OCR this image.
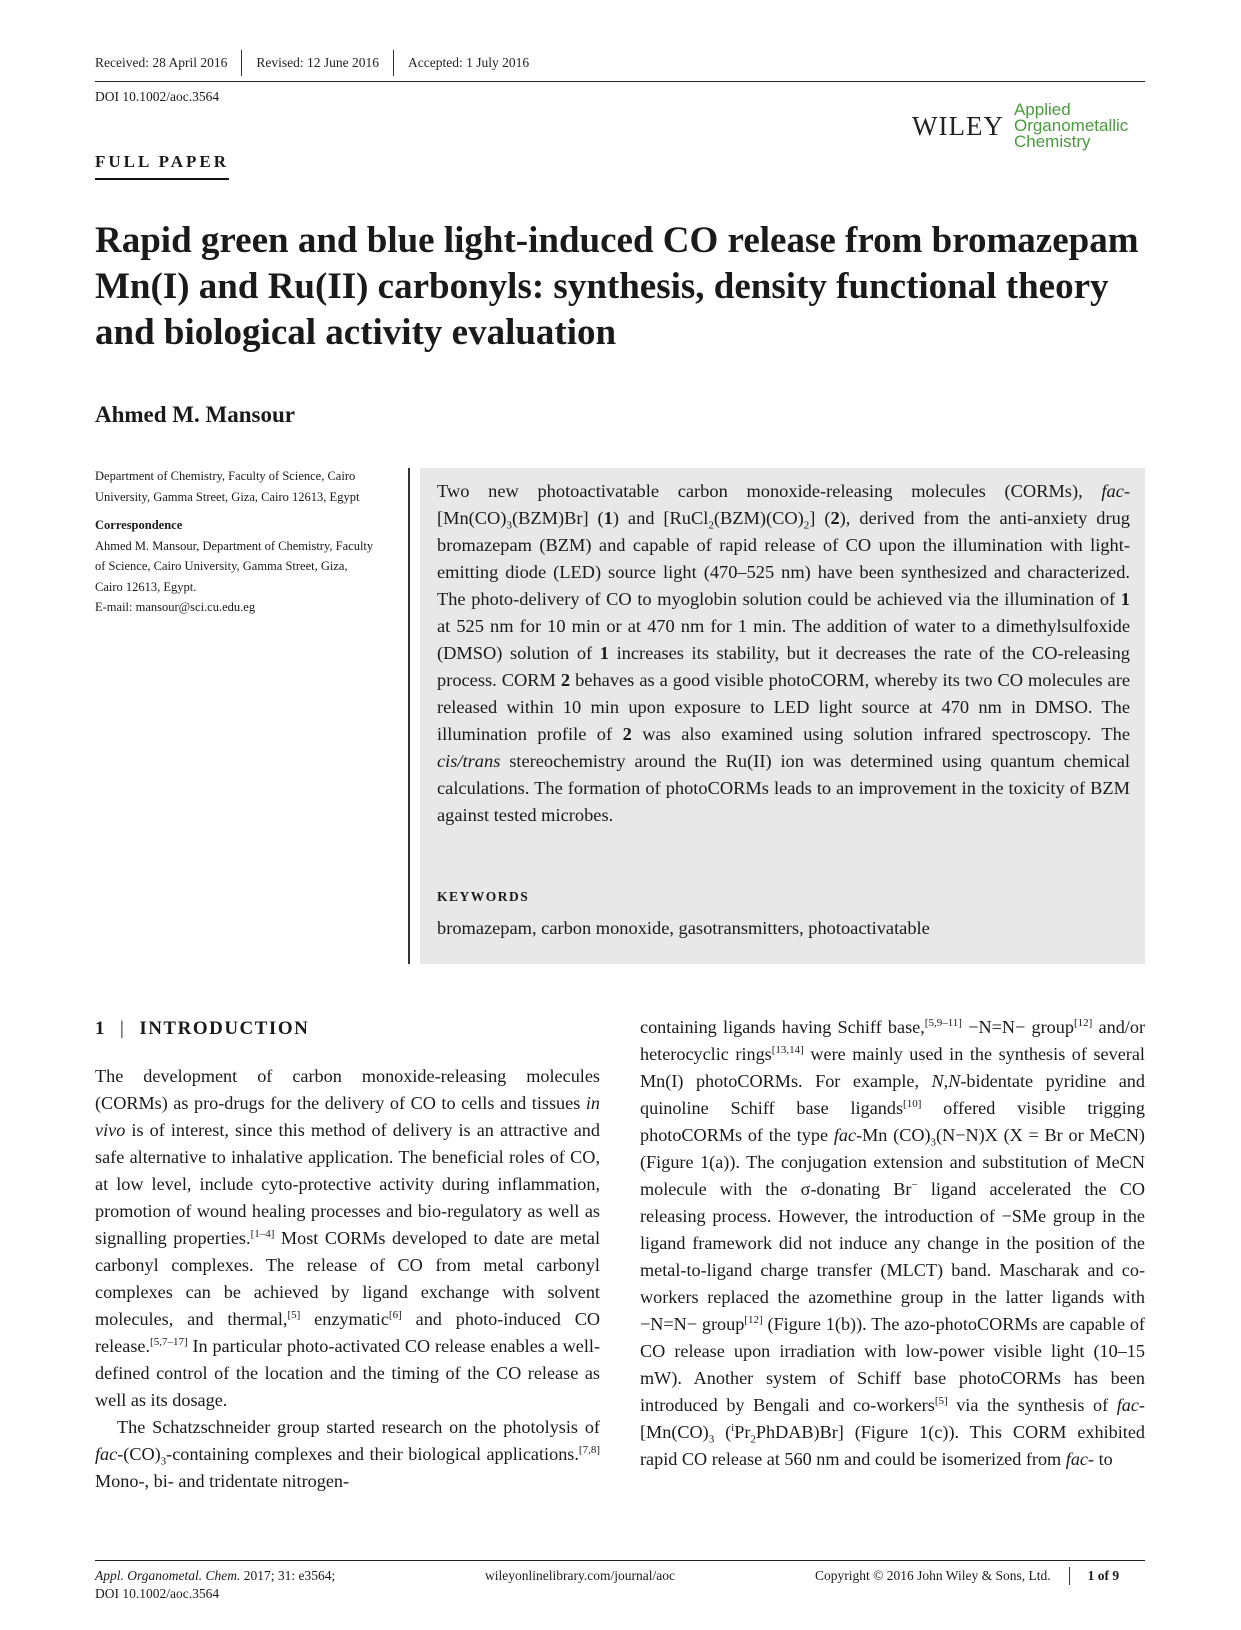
Received: 28 April 2016	Revised: 12 June 2016	Accepted: 1 July 2016
DOI 10.1002/aoc.3564
WILEY
Applied
Organometallic
Chemistry
FULL PAPER
Rapid green and blue light-induced CO release from bromazepam Mn(I) and Ru(II) carbonyls: synthesis, density functional theory and biological activity evaluation
Ahmed M. Mansour
Department of Chemistry, Faculty of Science, Cairo University, Gamma Street, Giza, Cairo 12613, Egypt
Correspondence
Ahmed M. Mansour, Department of Chemistry, Faculty of Science, Cairo University, Gamma Street, Giza, Cairo 12613, Egypt.
E-mail: mansour@sci.cu.edu.eg
Two new photoactivatable carbon monoxide-releasing molecules (CORMs), fac-$[Mn(CO)_3(BZM)Br]$ (1) and $[RuCl_2(BZM)(CO)_2]$ (2), derived from the anti-anxiety drug bromazepam (BZM) and capable of rapid release of CO upon the illumination with light-emitting diode (LED) source light (470–525 nm) have been synthesized and characterized. The photo-delivery of CO to myoglobin solution could be achieved via the illumination of 1 at 525 nm for 10 min or at 470 nm for 1 min. The addition of water to a dimethylsulfoxide (DMSO) solution of 1 increases its stability, but it decreases the rate of the CO-releasing process. CORM 2 behaves as a good visible photoCORM, whereby its two CO molecules are released within 10 min upon exposure to LED light source at 470 nm in DMSO. The illumination profile of 2 was also examined using solution infrared spectroscopy. The cis/trans stereochemistry around the Ru(II) ion was determined using quantum chemical calculations. The formation of photoCORMs leads to an improvement in the toxicity of BZM against tested microbes.
KEYWORDS
bromazepam, carbon monoxide, gasotransmitters, photoactivatable
1 | INTRODUCTION

The development of carbon monoxide-releasing molecules (CORMs) as pro-drugs for the delivery of CO to cells and tissues in vivo is of interest, since this method of delivery is an attractive and safe alternative to inhalative application. The beneficial roles of CO, at low level, include cyto-protective activity during inflammation, promotion of wound healing processes and bio-regulatory as well as signalling properties.[1–4] Most CORMs developed to date are metal carbonyl complexes. The release of CO from metal carbonyl complexes can be achieved by ligand exchange with solvent molecules, and thermal,[5] enzymatic[6] and photo-induced CO release.[5,7–17] In particular photo-activated CO release enables a well-defined control of the location and the timing of the CO release as well as its dosage.

The Schatzschneider group started research on the photolysis of fac-$(CO)_3$-containing complexes and their biological applications.[7,8] Mono-, bi- and tridentate nitrogen-

containing ligands having Schiff base,[5,9–11] −N=N− group[12] and/or heterocyclic rings[13,14] were mainly used in the synthesis of several Mn(I) photoCORMs. For example, N,N-bidentate pyridine and quinoline Schiff base ligands[10] offered visible trigging photoCORMs of the type fac-Mn $(CO)_3(N-N)X$ (X = Br or MeCN) (Figure 1(a)). The conjugation extension and substitution of MeCN molecule with the σ-donating Br− ligand accelerated the CO releasing process. However, the introduction of −SMe group in the ligand framework did not induce any change in the position of the metal-to-ligand charge transfer (MLCT) band. Mascharak and co-workers replaced the azomethine group in the latter ligands with −N=N− group[12] (Figure 1(b)). The azo-photoCORMs are capable of CO release upon irradiation with low-power visible light (10–15 mW). Another system of Schiff base photoCORMs has been introduced by Bengali and co-workers[5] via the synthesis of fac-[$Mn(CO)_3$ $(^iPr_2PhDAB)Br$] (Figure 1(c)). This CORM exhibited rapid CO release at 560 nm and could be isomerized from fac- to

Appl. Organometal. Chem. 2017; 31: e3564;
DOI 10.1002/aoc.3564
wileyonlinelibrary.com/journal/aoc	Copyright © 2016 John Wiley & Sons, Ltd.	1 of 9
